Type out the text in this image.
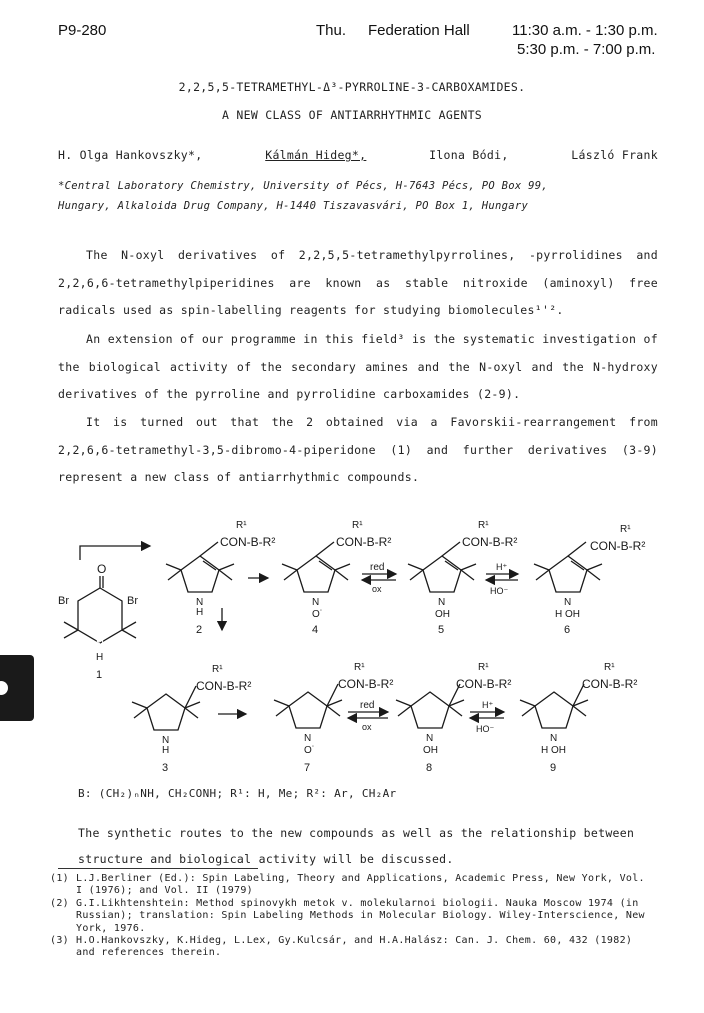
P9-280	Thu.	Federation Hall	11:30 a.m. - 1:30 p.m.
5:30 p.m. - 7:00 p.m.
2,2,5,5-TETRAMETHYL-Δ³-PYRROLINE-3-CARBOXAMIDES.
A NEW CLASS OF ANTIARRHYTHMIC AGENTS
H. Olga Hankovszky*,	Kálmán Hideg*,	Ilona Bódi,	László Frank
*Central Laboratory Chemistry, University of Pécs, H-7643 Pécs, PO Box 99,
Hungary, Alkaloida Drug Company, H-1440 Tiszavasvári, PO Box 1, Hungary
The N-oxyl derivatives of 2,2,5,5-tetramethylpyrrolines, -pyrrolidines and 2,2,6,6-tetramethylpiperidines are known as stable nitroxide (aminoxyl) free radicals used as spin-labelling reagents for studying biomolecules¹'².
An extension of our programme in this field³ is the systematic investigation of the biological activity of the secondary amines and the N-oxyl and the N-hydroxy derivatives of the pyrroline and pyrrolidine carboxamides (2-9).
It is turned out that the 2 obtained via a Favorskii-rearrangement from 2,2,6,6-tetramethyl-3,5-dibromo-4-piperidone (1) and further derivatives (3-9) represent a new class of antiarrhythmic compounds.
O
Br	Br
N
H
1
CON-B-R²
R¹
N
H
2
CON-B-R²
R¹
N
O˙
4
red
ox
CON-B-R²
R¹
N
OH
5
H⁺
HO⁻
CON-B-R²
R¹
N
H OH
6
CON-B-R²
R¹
N
H
3
CON-B-R²
R¹
N
O˙
7
red
ox
CON-B-R²
R¹
N
OH
8
H⁺
HO⁻
CON-B-R²
R¹
N
H OH
9
B: (CH₂)ₙNH, CH₂CONH; R¹: H, Me; R²: Ar, CH₂Ar
The synthetic routes to the new compounds as well as the relationship between structure and biological activity will be discussed.
(1) L.J.Berliner (Ed.): Spin Labeling, Theory and Applications, Academic Press, New York, Vol. I (1976); and Vol. II (1979)
(2) G.I.Likhtenshtein: Method spinovykh metok v. molekularnoi biologii. Nauka Moscow 1974 (in Russian); translation: Spin Labeling Methods in Molecular Biology. Wiley-Interscience, New York, 1976.
(3) H.O.Hankovszky, K.Hideg, L.Lex, Gy.Kulcsár, and H.A.Halász: Can. J. Chem. 60, 432 (1982) and references therein.
